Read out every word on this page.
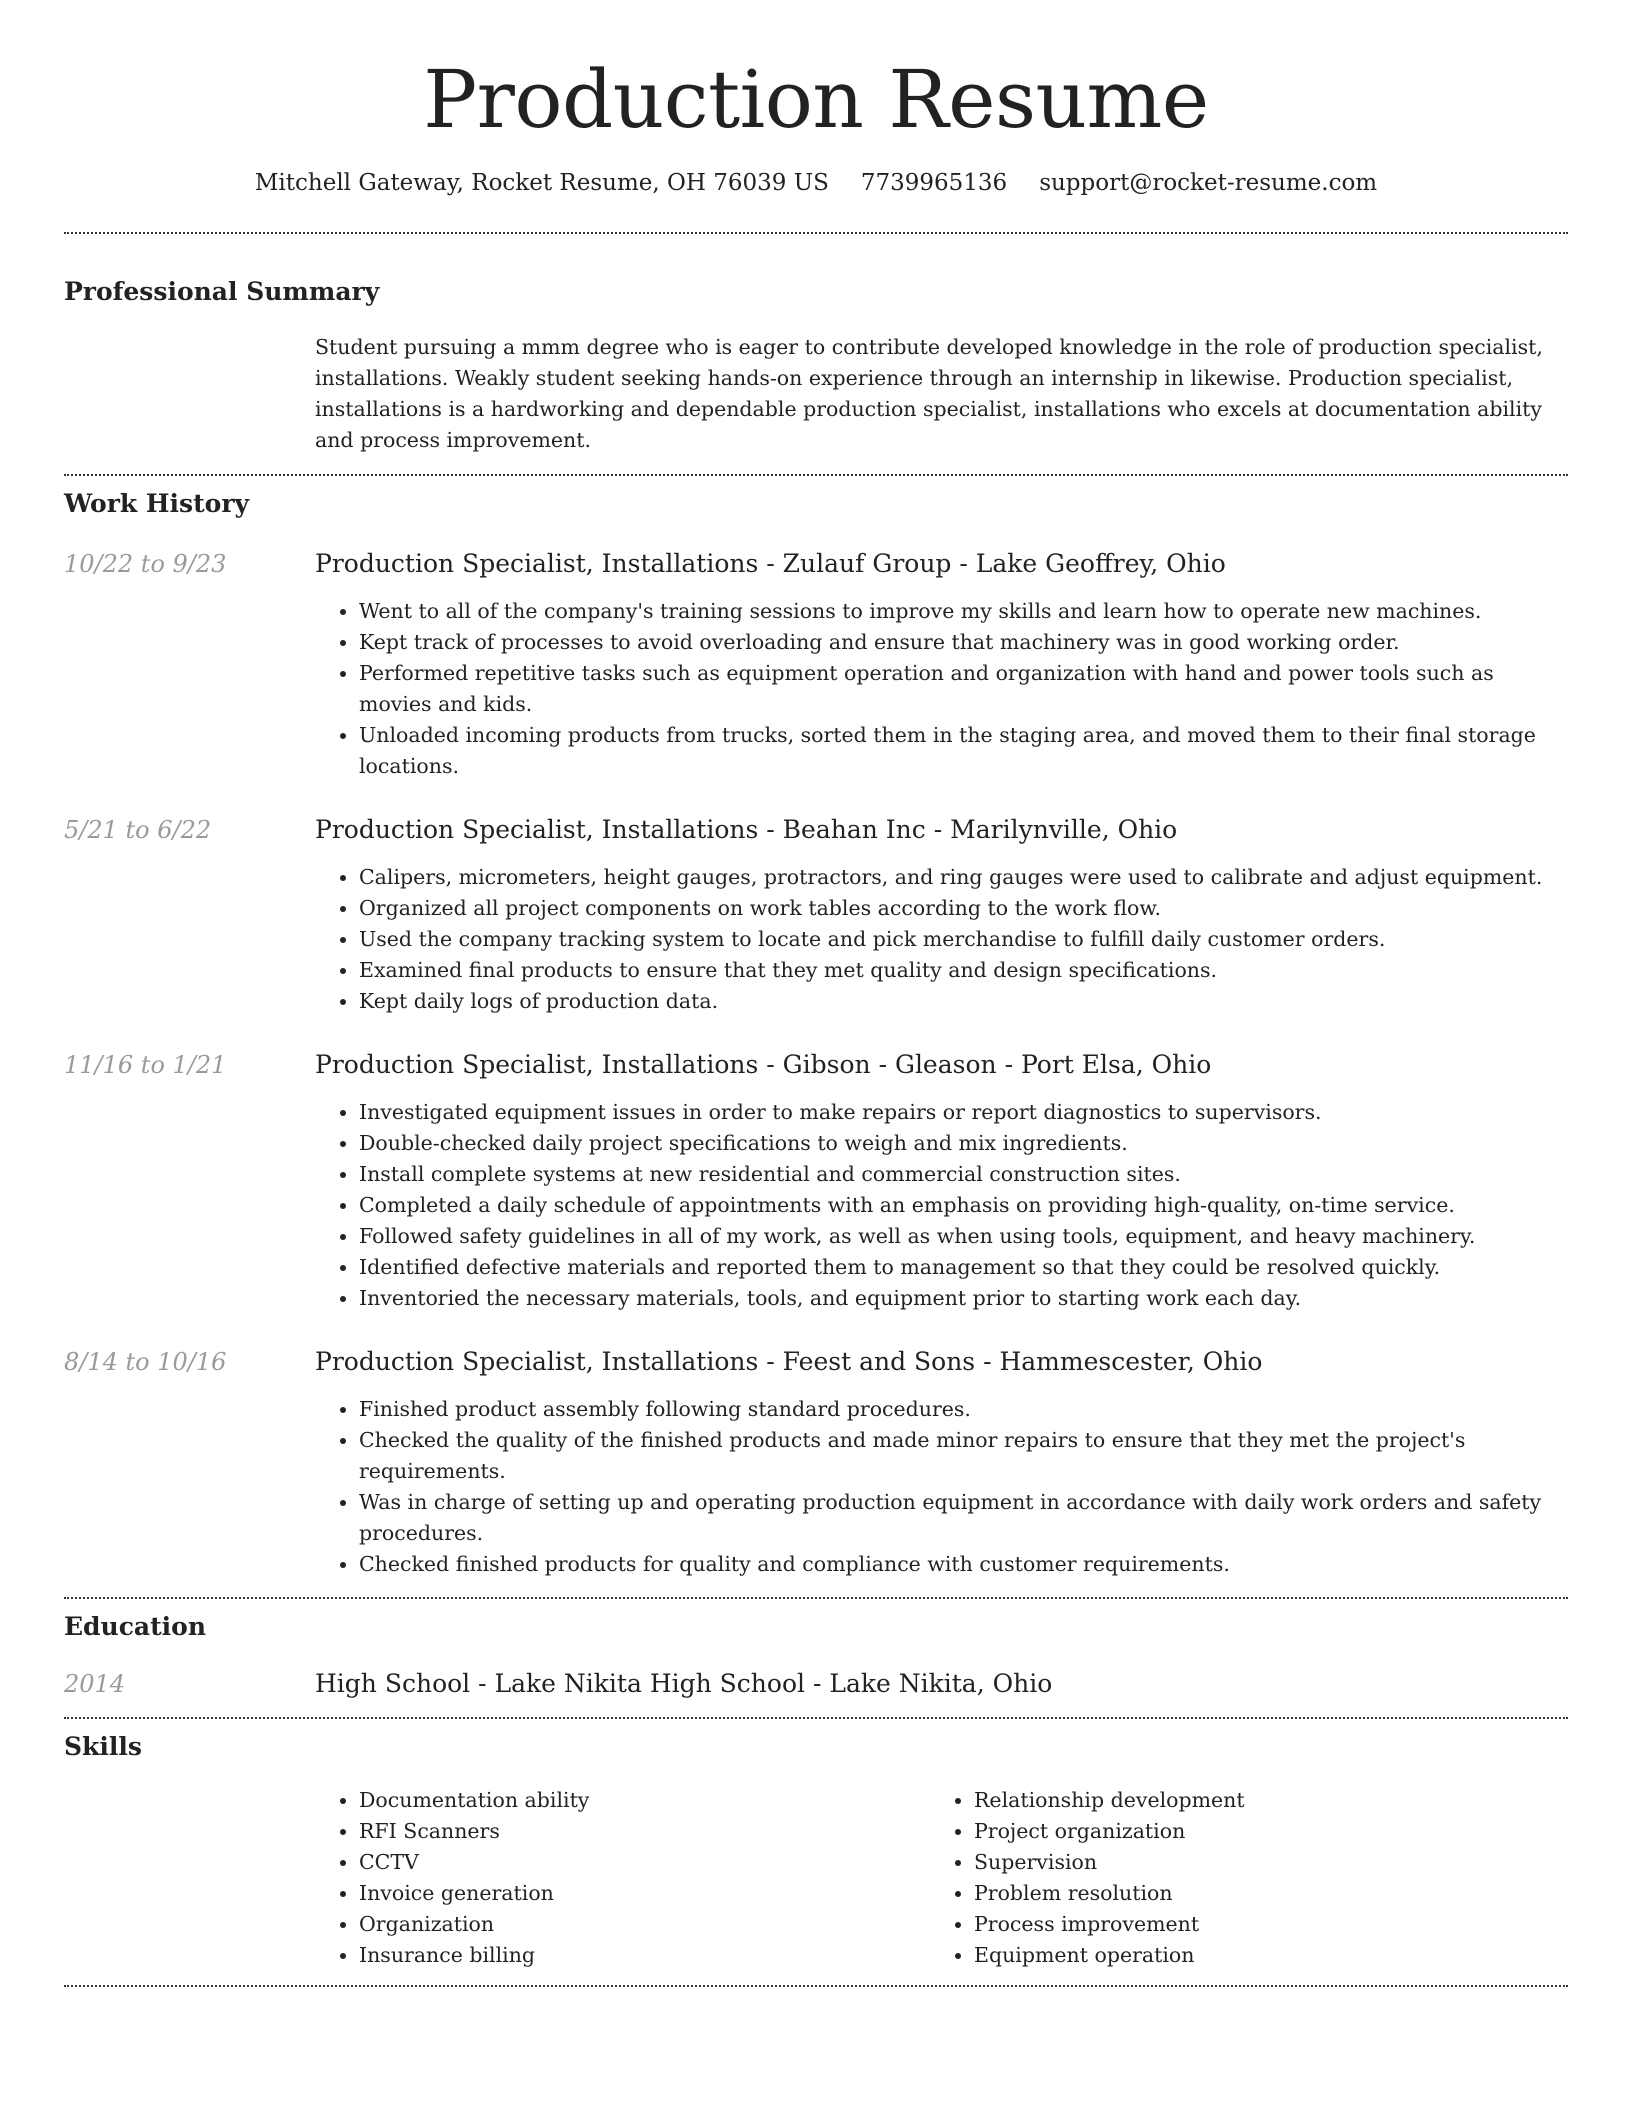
Production Resume
Mitchell Gateway, Rocket Resume, OH 76039 US 7739965136 support@rocket-resume.com
Professional Summary

Student pursuing a mmm degree who is eager to contribute developed knowledge in the role of production specialist, installations. Weakly student seeking hands-on experience through an internship in likewise. Production specialist, installations is a hardworking and dependable production specialist, installations who excels at documentation ability and process improvement.

Work History
10/22 to 9/23	Production Specialist, Installations - Zulauf Group - Lake Geoffrey, Ohio
• Went to all of the company's training sessions to improve my skills and learn how to operate new machines.
• Kept track of processes to avoid overloading and ensure that machinery was in good working order.
• Performed repetitive tasks such as equipment operation and organization with hand and power tools such as movies and kids.
• Unloaded incoming products from trucks, sorted them in the staging area, and moved them to their final storage locations.
5/21 to 6/22	Production Specialist, Installations - Beahan Inc - Marilynville, Ohio
• Calipers, micrometers, height gauges, protractors, and ring gauges were used to calibrate and adjust equipment.
• Organized all project components on work tables according to the work flow.
• Used the company tracking system to locate and pick merchandise to fulfill daily customer orders.
• Examined final products to ensure that they met quality and design specifications.
• Kept daily logs of production data.
11/16 to 1/21	Production Specialist, Installations - Gibson - Gleason - Port Elsa, Ohio
• Investigated equipment issues in order to make repairs or report diagnostics to supervisors.
• Double-checked daily project specifications to weigh and mix ingredients.
• Install complete systems at new residential and commercial construction sites.
• Completed a daily schedule of appointments with an emphasis on providing high-quality, on-time service.
• Followed safety guidelines in all of my work, as well as when using tools, equipment, and heavy machinery.
• Identified defective materials and reported them to management so that they could be resolved quickly.
• Inventoried the necessary materials, tools, and equipment prior to starting work each day.
8/14 to 10/16	Production Specialist, Installations - Feest and Sons - Hammescester, Ohio
• Finished product assembly following standard procedures.
• Checked the quality of the finished products and made minor repairs to ensure that they met the project's requirements.
• Was in charge of setting up and operating production equipment in accordance with daily work orders and safety procedures.
• Checked finished products for quality and compliance with customer requirements.
Education
2014	High School - Lake Nikita High School - Lake Nikita, Ohio
Skills
• Documentation ability
• RFI Scanners
• CCTV
• Invoice generation
• Organization
• Insurance billing
• Relationship development
• Project organization
• Supervision
• Problem resolution
• Process improvement
• Equipment operation
